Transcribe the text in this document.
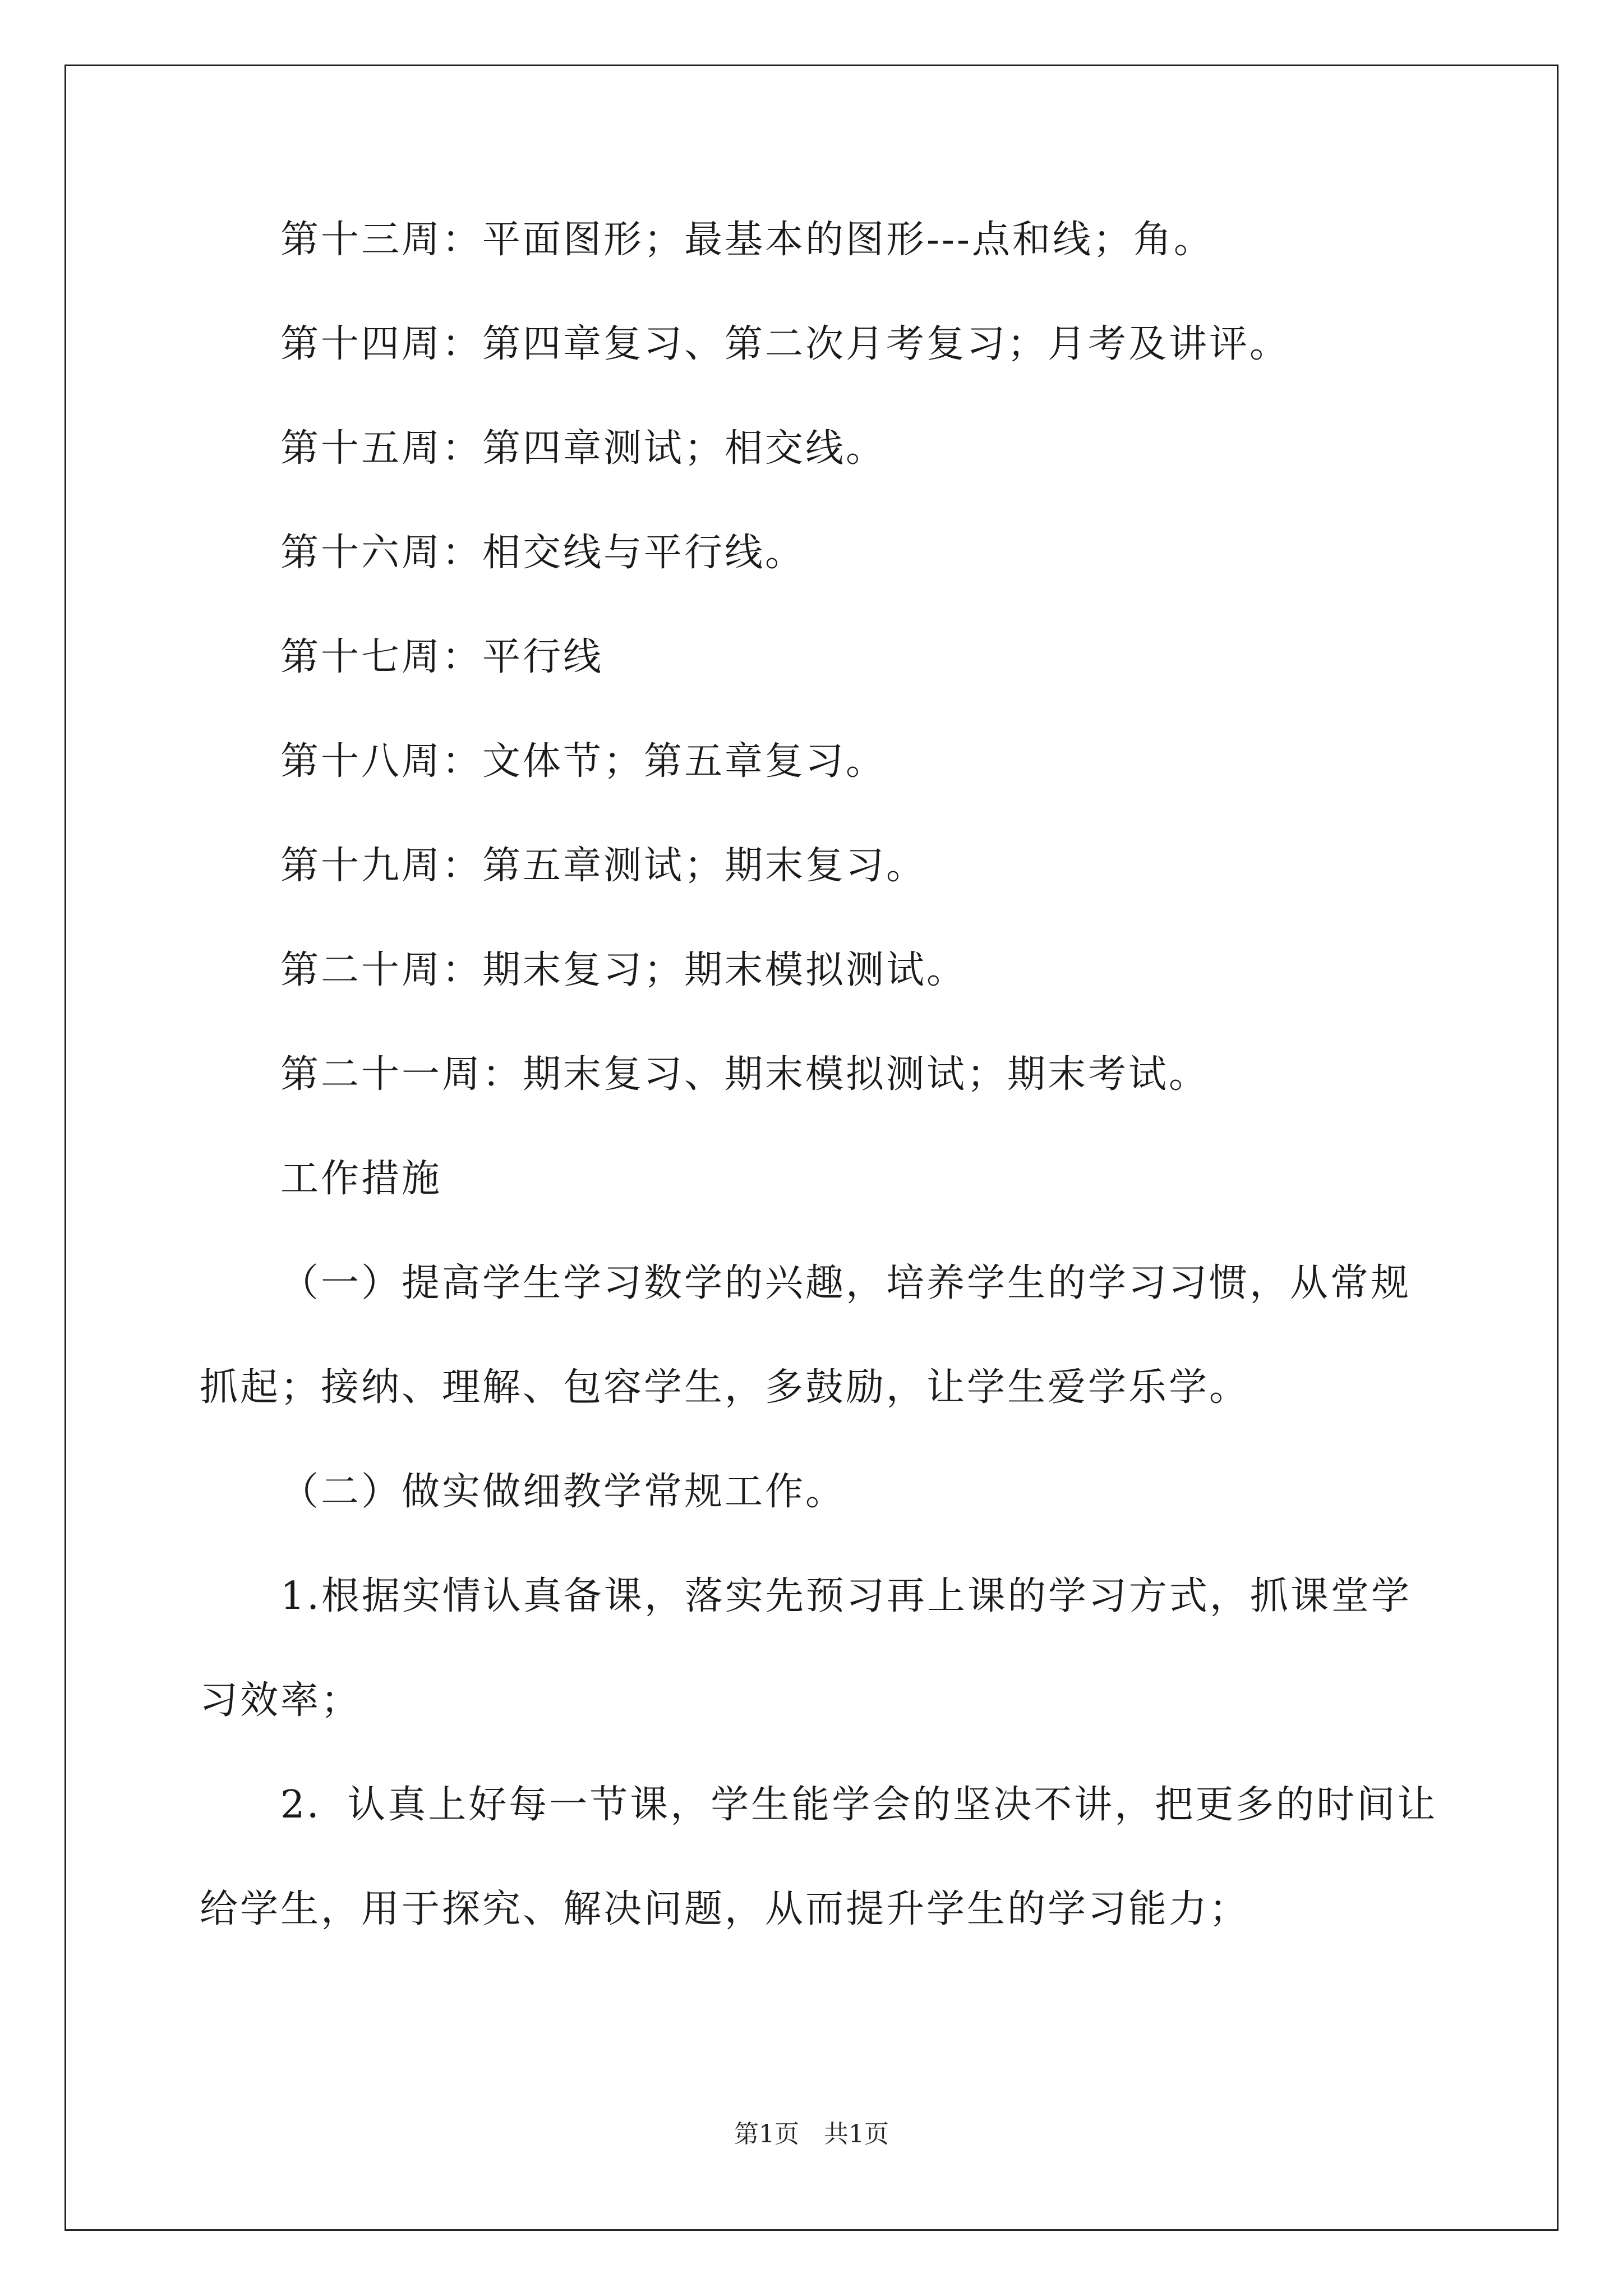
第十三周：平面图形；最基本的图形---点和线；角。
第十四周：第四章复习、第二次月考复习；月考及讲评。
第十五周：第四章测试；相交线。
第十六周：相交线与平行线。
第十七周：平行线
第十八周：文体节；第五章复习。
第十九周：第五章测试；期末复习。
第二十周：期末复习；期末模拟测试。
第二十一周：期末复习、期末模拟测试；期末考试。
工作措施
（一）提高学生学习数学的兴趣，培养学生的学习习惯，从常规
抓起；接纳、理解、包容学生，多鼓励，让学生爱学乐学。
（二）做实做细教学常规工作。
1.根据实情认真备课，落实先预习再上课的学习方式，抓课堂学
习效率；
2．认真上好每一节课，学生能学会的坚决不讲，把更多的时间让
给学生，用于探究、解决问题，从而提升学生的学习能力；
第1页　共1页
